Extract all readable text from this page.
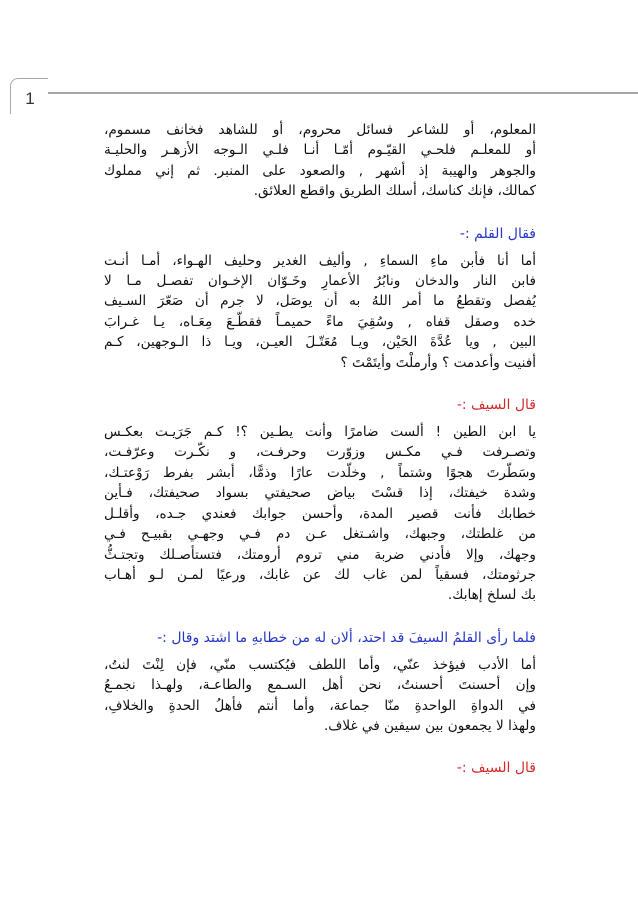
1
المعلوم، أو للشاعر فسائل محروم، أو للشاهد فخانف مسموم،
أو للمعلـم فلحـي القيّـوم أمّـا أنـا فلـي الـوجه الأزهـر والحليـة
والجوهر والهيبة إذ أشهر , والصعود على المنبر. ثم إني مملوك
كمالك، فإنك كناسك، أسلك الطريق واقطع العلائق.
فقال القلم :-
أما أنا فأبن ماءِ السماءِ , وأليف الغدير وحليف الهـواء، أمـا أنـت
فابن النار والدخان ونابُرُ الأعمارِ وخَـوّان الإخـوان تفصـل مـا لا
يُفصل وتقطعُ ما أمر اللهُ به أن يوصَل، لا جرم أن صَعّرَ السـيف
خده وصقل قفاه , وسُقِيَ ماءً حميمـاً فقطّـعَ مِعَـاه، يـا غـرابَ
البين , ويا عُدَّةَ الحَيْن، ويـا مُعَتّـلَ العيـن، ويـا ذا الـوجهين، كـم
أفنيت وأعدمت ؟ وأرملْتَ وأيتَمْتَ ؟
قال السيف :-
يا ابن الطين ! ألست ضامرًا وأنت يطـين ؟! كـم جَرَيـت بعكـس
وتصـرفت فـي مكـس وزوّرت وحرفـت، و نكّـرت وعرّفـت،
وسَطّرتَ هجوًا وشتماً , وخلّدت عارًا وذمًّا، أبشر بفرط رَوْعتـك،
وشدة خيفتك، إذا قسْتَ بياض صحيفتي بسواد صحيفتك، فـأين
خطابك فأنت قصير المدة، وأحسن جوابك فعندي جـده، وأقلـل
من غلطتك، وجبهك، واشـتغل عـن دم فـي وجهـي بقبيـح فـي
وجهك، وإلا فأدني ضربة مني تروم أرومتك، فتستأصـلك وتجتـثُّ
جرثومتك، فسقياً لمن غاب لك عن غابك، ورعيًا لمـن لـو أهـاب
بك لسلخ إهابك.
فلما رأى القلمُ السيفَ قد احتد، ألان له من خطابهِ ما اشتد وقال :-
أما الأدب فيؤخذ عنّي، وأما اللطف فيُكتسب منّي، فإن لِنْتَ لنتُ،
وإن أحسنتَ أحسنتُ، نحن أهل السـمع والطاعـة، ولهـذا نجمـعُ
في الدواةِ الواحدةِ منّا جماعة، وأما أنتم فأهلُ الحدةِ والخلافِ،
ولهذا لا يجمعون بين سيفين في غلاف.
قال السيف :-
